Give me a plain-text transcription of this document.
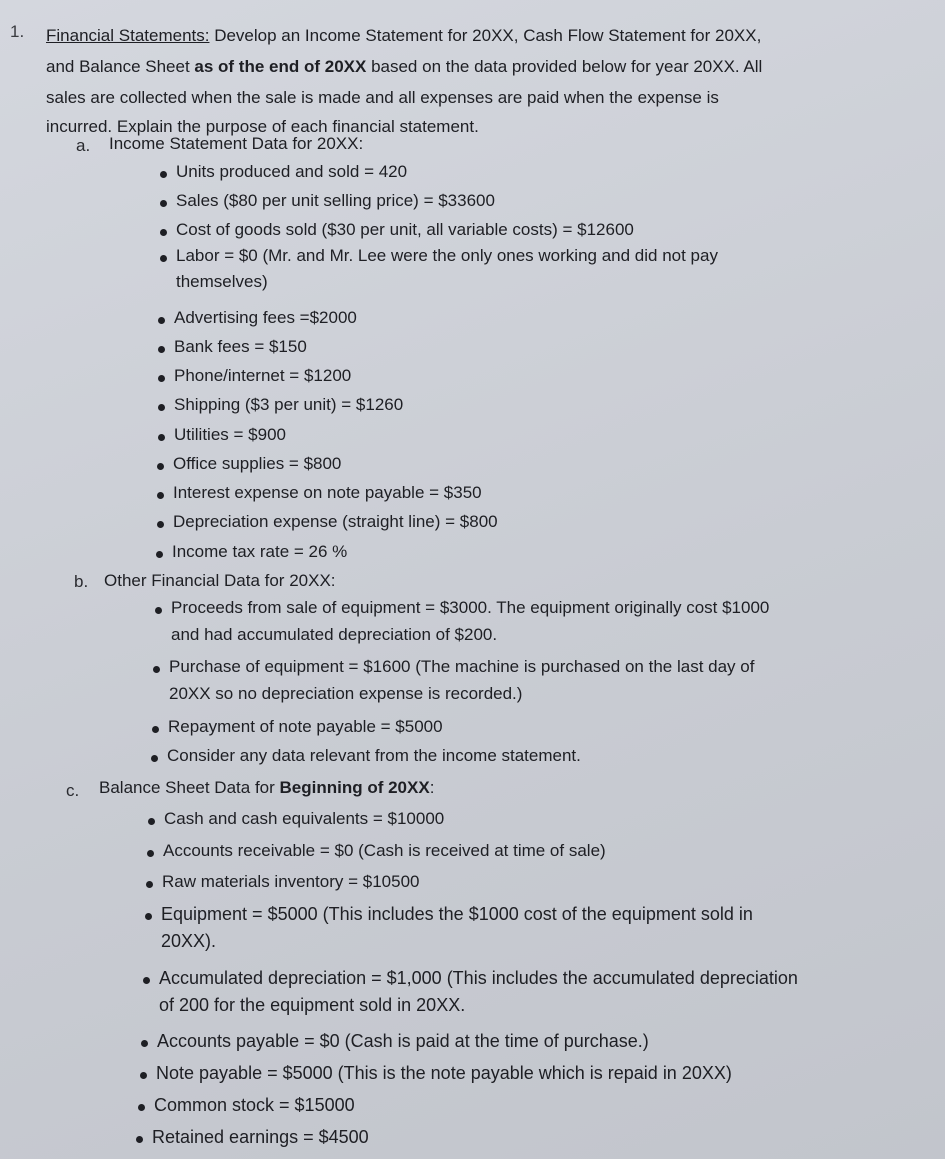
1. Financial Statements: Develop an Income Statement for 20XX, Cash Flow Statement for 20XX,
and Balance Sheet as of the end of 20XX based on the data provided below for year 20XX. All
sales are collected when the sale is made and all expenses are paid when the expense is
incurred. Explain the purpose of each financial statement.
a. Income Statement Data for 20XX:
Units produced and sold = 420
Sales ($80 per unit selling price) = $33600
Cost of goods sold ($30 per unit, all variable costs) = $12600
Labor = $0 (Mr. and Mr. Lee were the only ones working and did not pay
themselves)
Advertising fees =$2000
Bank fees = $150
Phone/internet = $1200
Shipping ($3 per unit) = $1260
Utilities = $900
Office supplies = $800
Interest expense on note payable = $350
Depreciation expense (straight line) = $800
Income tax rate = 26 %
b. Other Financial Data for 20XX:
Proceeds from sale of equipment = $3000. The equipment originally cost $1000
and had accumulated depreciation of $200.
Purchase of equipment = $1600 (The machine is purchased on the last day of
20XX so no depreciation expense is recorded.)
Repayment of note payable = $5000
Consider any data relevant from the income statement.
c. Balance Sheet Data for Beginning of 20XX:
Cash and cash equivalents = $10000
Accounts receivable = $0 (Cash is received at time of sale)
Raw materials inventory = $10500
Equipment = $5000 (This includes the $1000 cost of the equipment sold in
20XX).
Accumulated depreciation = $1,000 (This includes the accumulated depreciation
of 200 for the equipment sold in 20XX.
Accounts payable = $0 (Cash is paid at the time of purchase.)
Note payable = $5000 (This is the note payable which is repaid in 20XX)
Common stock = $15000
Retained earnings = $4500
